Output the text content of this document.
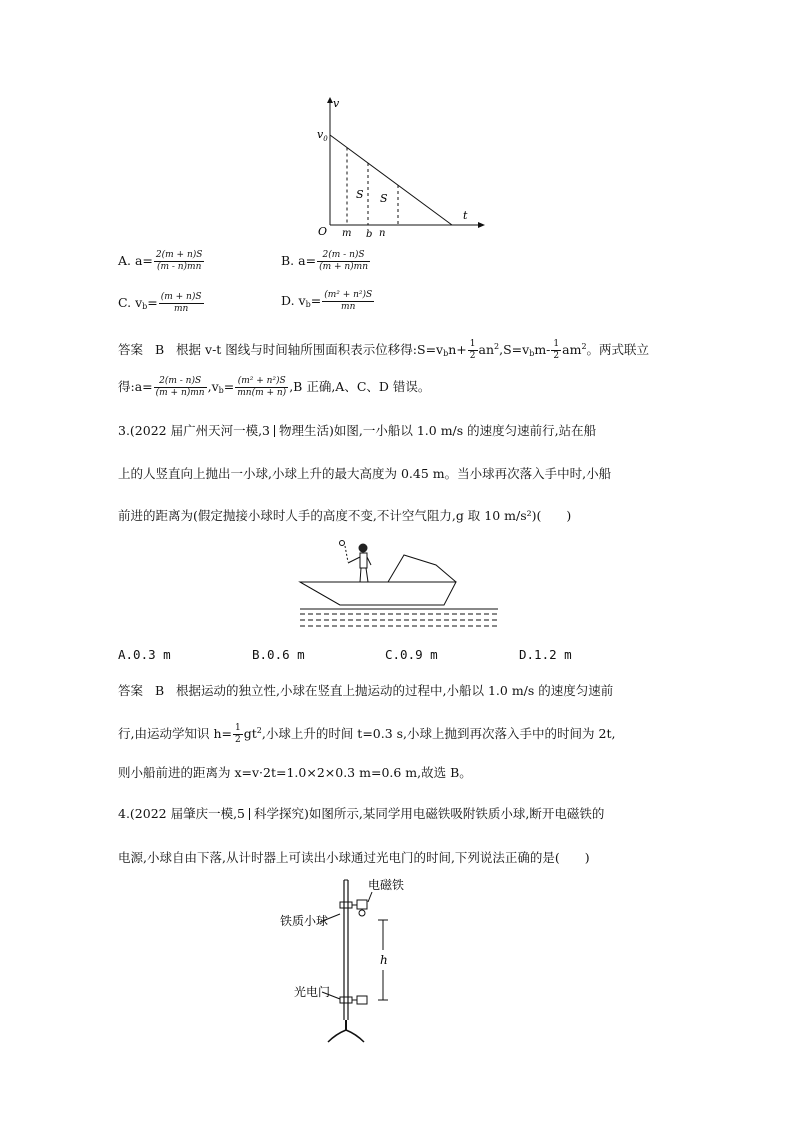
v
t
$v_0$
O
S S
m b n
A. $a= \frac{2(m + n)S}{(m - n)mn}$	B. $a= \frac{2(m - n)S}{(m + n)mn}$
C. $v_b= \frac{(m + n)S}{mn}$	D. $v_b= \frac{\text{(m² + n²)S}}{mn}$
答案 B 根据 v-t 图线与时间轴所围面积表示位移得$:S=v_bn+ \frac{1}{2} an^2,S=v_bm- \frac{1}{2} am^2$。两式联立
得:a= $\frac{2(m - n)S}{(m + n)mn} ,v_b= \frac{\text{(m² + n²)S}}{mn(m + n)} ,B$ 正确,A、C、D 错误。
3.(2022 届广州天河一模,3 物理生活)如图,一小船以 1.0 m/s 的速度匀速前行,站在船
上的人竖直向上抛出一小球,小球上升的最大高度为 0.45 m。当小球再次落入手中时,小船
前进的距离为(假定抛接小球时人手的高度不变,不计空气阻力,g 取 10 m/s²)(　　)
A.0.3 m	B.0.6 m	C.0.9 m	D.1.2 m
答案 B 根据运动的独立性,小球在竖直上抛运动的过程中,小船以 1.0 m/s 的速度匀速前
行,由运动学知识 $h= \frac{1}{2} gt^2$,小球上升的时间 t=0.3 s,小球上抛到再次落入手中的时间为 2t,
则小船前进的距离为 x=v·2t=1.0×2×0.3 m=0.6 m,故选 B。
4.(2022 届肇庆一模,5 科学探究)如图所示,某同学用电磁铁吸附铁质小球,断开电磁铁的
电源,小球自由下落,从计时器上可读出小球通过光电门的时间,下列说法正确的是(　　)
铁质小球
电磁铁
光电门
h
